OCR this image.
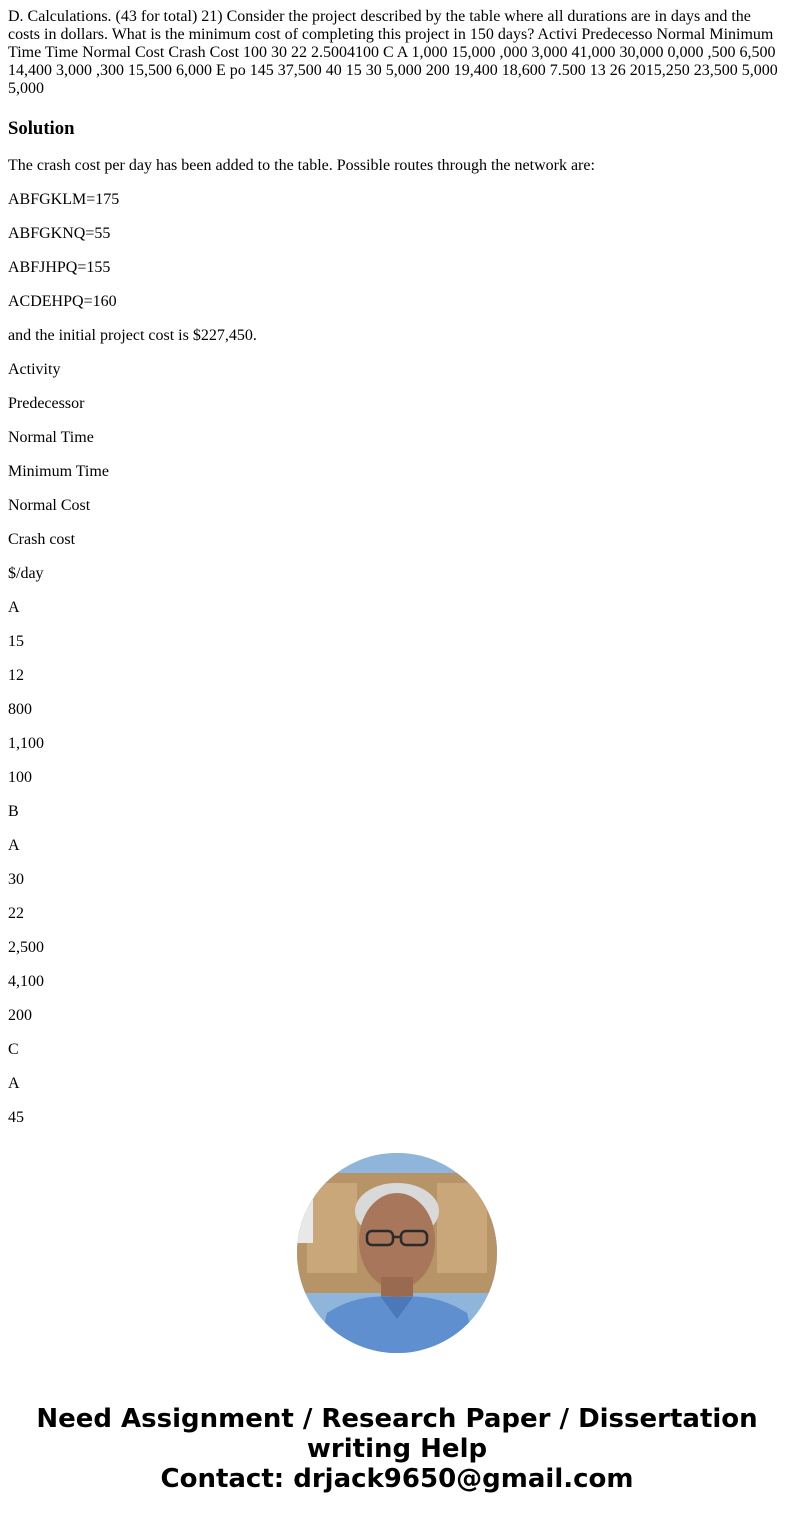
D. Calculations. (43 for total) 21) Consider the project described by the table where all durations are in days and the costs in dollars. What is the minimum cost of completing this project in 150 days? Activi Predecesso Normal Minimum Time Time Normal Cost Crash Cost 100 30 22 2.5004100 C A 1,000 15,000 ,000 3,000 41,000 30,000 0,000 ,500 6,500 14,400 3,000 ,300 15,500 6,000 E po 145 37,500 40 15 30 5,000 200 19,400 18,600 7.500 13 26 2015,250 23,500 5,000 5,000

Solution

The crash cost per day has been added to the table. Possible routes through the network are:

ABFGKLM=175

ABFGKNQ=55

ABFJHPQ=155

ACDEHPQ=160

and the initial project cost is $227,450.

Activity

Predecessor

Normal Time

Minimum Time

Normal Cost

Crash cost

$/day

A

15

12

800

1,100

100

B

A

30

22

2,500

4,100

200

C

A

45

Need Assignment / Research Paper / Dissertation
writing Help
Contact: drjack9650@gmail.com
